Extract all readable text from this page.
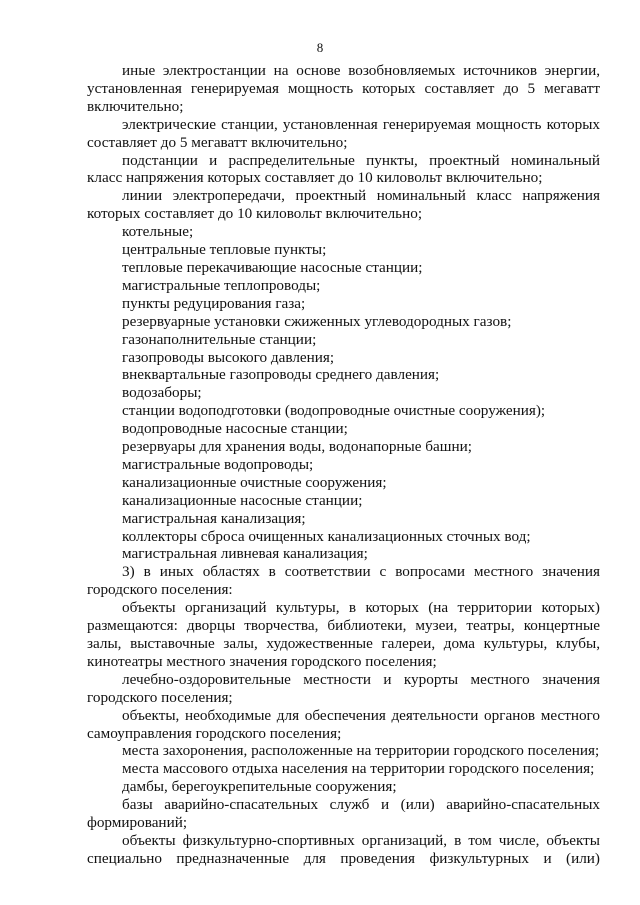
8

иные электростанции на основе возобновляемых источников энергии, установленная генерируемая мощность которых составляет до 5 мегаватт включительно;

электрические станции, установленная генерируемая мощность которых составляет до 5 мегаватт включительно;

подстанции и распределительные пункты, проектный номинальный класс напряжения которых составляет до 10 киловольт включительно;

линии электропередачи, проектный номинальный класс напряжения которых составляет до 10 киловольт включительно;

котельные;

центральные тепловые пункты;

тепловые перекачивающие насосные станции;

магистральные теплопроводы;

пункты редуцирования газа;

резервуарные установки сжиженных углеводородных газов;

газонаполнительные станции;

газопроводы высокого давления;

внеквартальные газопроводы среднего давления;

водозаборы;

станции водоподготовки (водопроводные очистные сооружения);

водопроводные насосные станции;

резервуары для хранения воды, водонапорные башни;

магистральные водопроводы;

канализационные очистные сооружения;

канализационные насосные станции;

магистральная канализация;

коллекторы сброса очищенных канализационных сточных вод;

магистральная ливневая канализация;

3) в иных областях в соответствии с вопросами местного значения городского поселения:

объекты организаций культуры, в которых (на территории которых) размещаются: дворцы творчества, библиотеки, музеи, театры, концертные залы, выставочные залы, художественные галереи, дома культуры, клубы, кинотеатры местного значения городского поселения;

лечебно-оздоровительные местности и курорты местного значения городского поселения;

объекты, необходимые для обеспечения деятельности органов местного самоуправления городского поселения;

места захоронения, расположенные на территории городского поселения;

места массового отдыха населения на территории городского поселения;

дамбы, берегоукрепительные сооружения;

базы аварийно-спасательных служб и (или) аварийно-спасательных формирований;

объекты физкультурно-спортивных организаций, в том числе, объекты специально предназначенные для проведения физкультурных и (или)
